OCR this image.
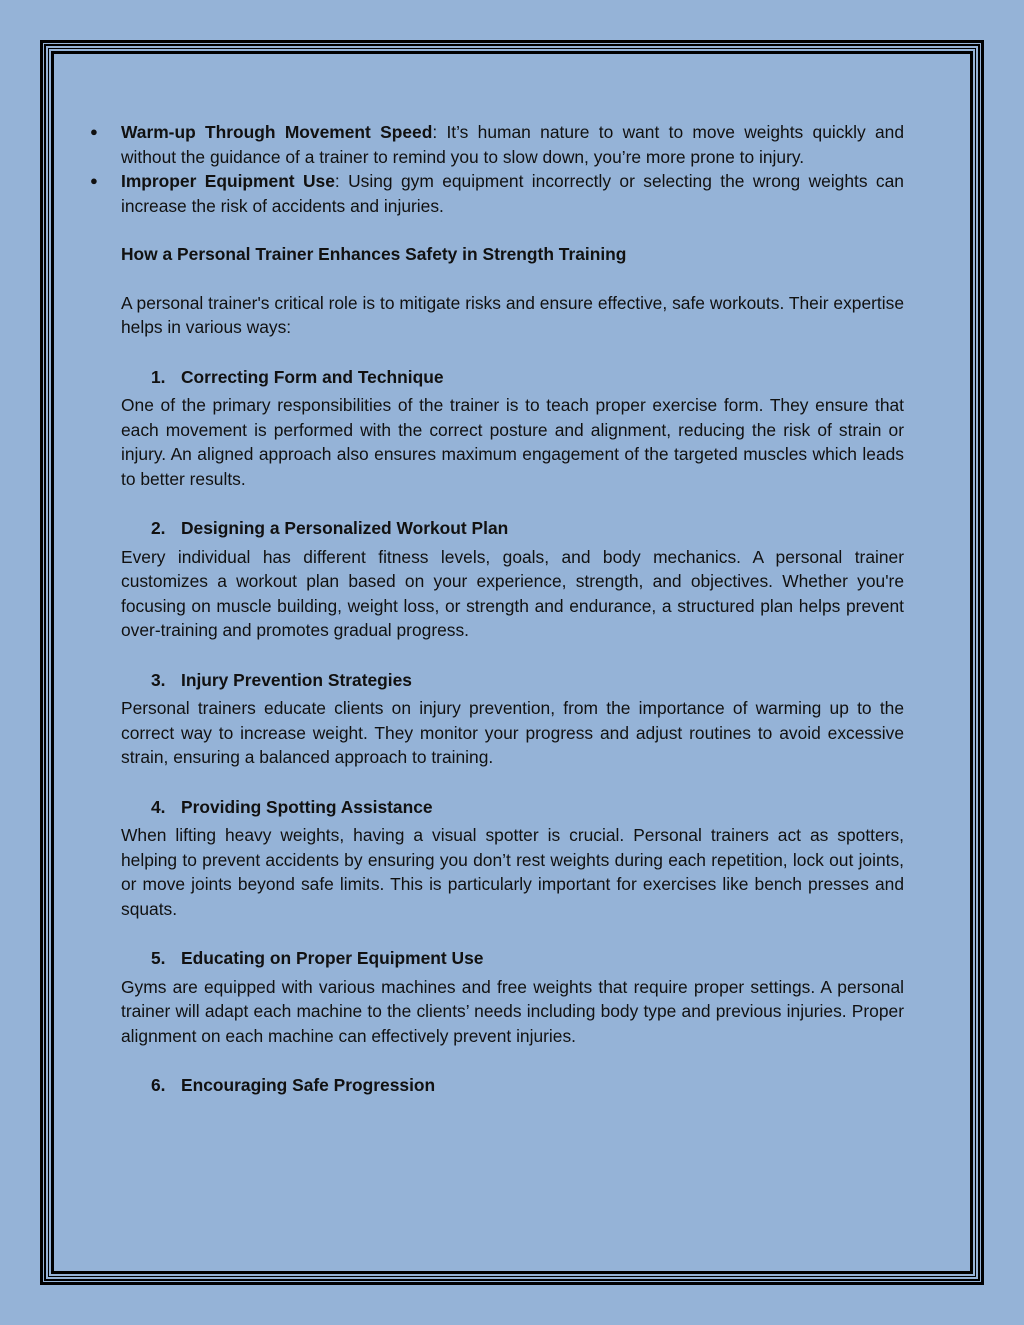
● Warm-up Through Movement Speed: It’s human nature to want to move weights quickly and without the guidance of a trainer to remind you to slow down, you’re more prone to injury.
● Improper Equipment Use: Using gym equipment incorrectly or selecting the wrong weights can increase the risk of accidents and injuries.
How a Personal Trainer Enhances Safety in Strength Training
A personal trainer's critical role is to mitigate risks and ensure effective, safe workouts. Their expertise helps in various ways:
1. Correcting Form and Technique
One of the primary responsibilities of the trainer is to teach proper exercise form. They ensure that each movement is performed with the correct posture and alignment, reducing the risk of strain or injury. An aligned approach also ensures maximum engagement of the targeted muscles which leads to better results.
2. Designing a Personalized Workout Plan
Every individual has different fitness levels, goals, and body mechanics. A personal trainer customizes a workout plan based on your experience, strength, and objectives. Whether you're focusing on muscle building, weight loss, or strength and endurance, a structured plan helps prevent over-training and promotes gradual progress.
3. Injury Prevention Strategies
Personal trainers educate clients on injury prevention, from the importance of warming up to the correct way to increase weight. They monitor your progress and adjust routines to avoid excessive strain, ensuring a balanced approach to training.
4. Providing Spotting Assistance
When lifting heavy weights, having a visual spotter is crucial. Personal trainers act as spotters, helping to prevent accidents by ensuring you don’t rest weights during each repetition, lock out joints, or move joints beyond safe limits. This is particularly important for exercises like bench presses and squats.
5. Educating on Proper Equipment Use
Gyms are equipped with various machines and free weights that require proper settings. A personal trainer will adapt each machine to the clients’ needs including body type and previous injuries. Proper alignment on each machine can effectively prevent injuries.
6. Encouraging Safe Progression
